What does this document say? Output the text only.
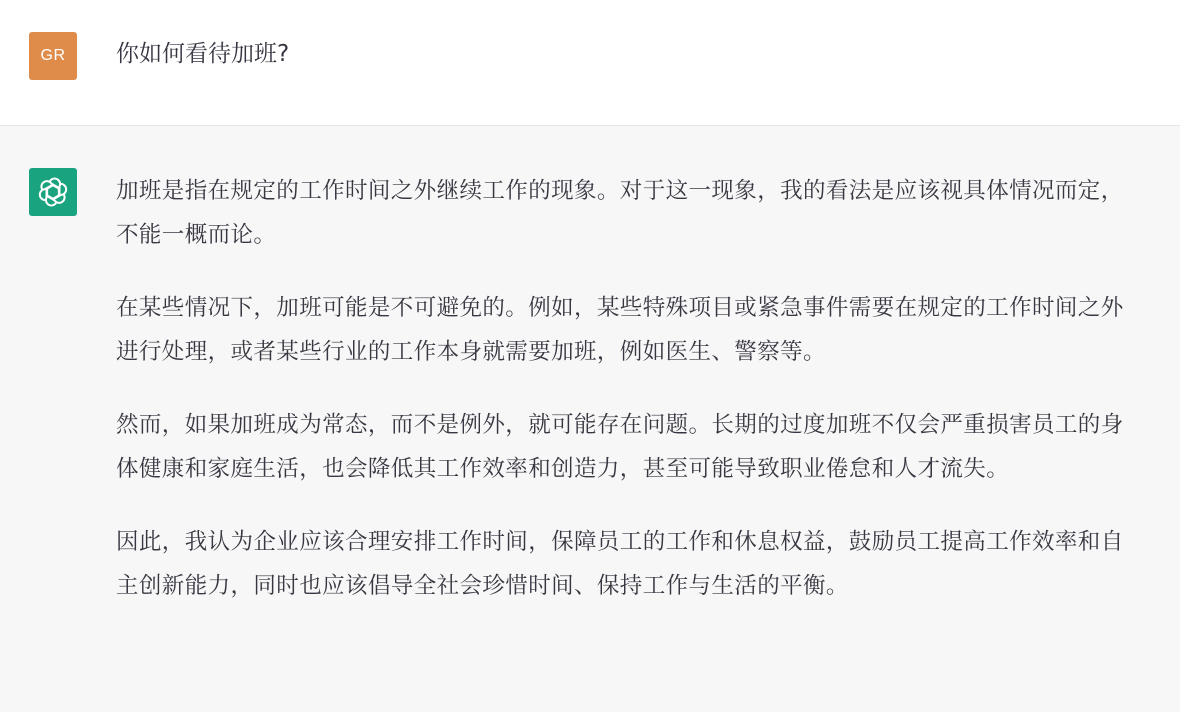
GR	你如何看待加班?

加班是指在规定的工作时间之外继续工作的现象。对于这一现象，我的看法是应该视具体情况而定，不能一概而论。

在某些情况下，加班可能是不可避免的。例如，某些特殊项目或紧急事件需要在规定的工作时间之外进行处理，或者某些行业的工作本身就需要加班，例如医生、警察等。

然而，如果加班成为常态，而不是例外，就可能存在问题。长期的过度加班不仅会严重损害员工的身体健康和家庭生活，也会降低其工作效率和创造力，甚至可能导致职业倦怠和人才流失。

因此，我认为企业应该合理安排工作时间，保障员工的工作和休息权益，鼓励员工提高工作效率和自主创新能力，同时也应该倡导全社会珍惜时间、保持工作与生活的平衡。
